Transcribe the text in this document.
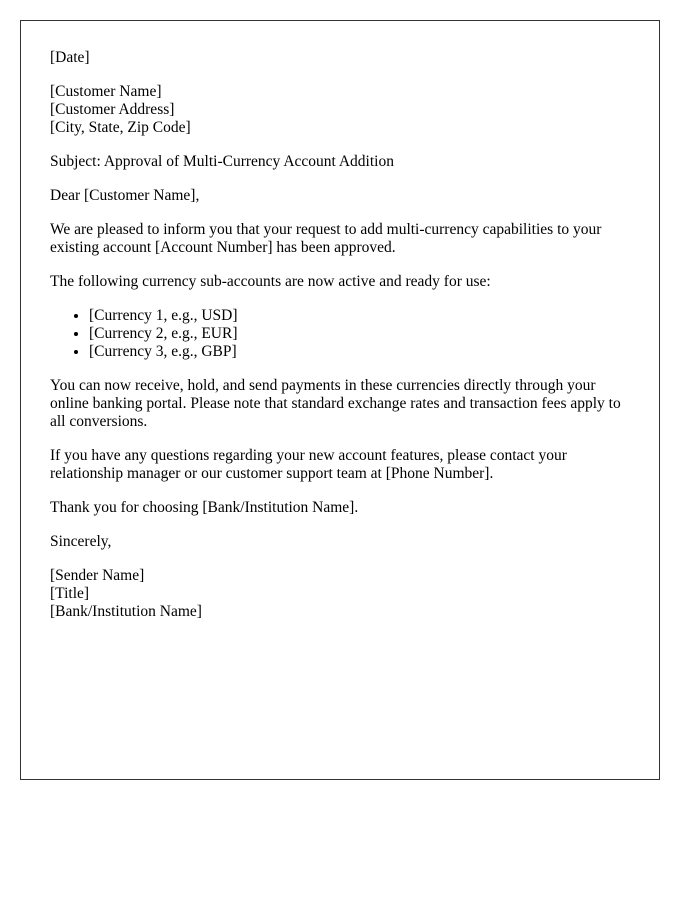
[Date]

[Customer Name]
[Customer Address]
[City, State, Zip Code]

Subject: Approval of Multi-Currency Account Addition

Dear [Customer Name],

We are pleased to inform you that your request to add multi-currency capabilities to your existing account [Account Number] has been approved.

The following currency sub-accounts are now active and ready for use:

• [Currency 1, e.g., USD]
• [Currency 2, e.g., EUR]
• [Currency 3, e.g., GBP]

You can now receive, hold, and send payments in these currencies directly through your online banking portal. Please note that standard exchange rates and transaction fees apply to all conversions.

If you have any questions regarding your new account features, please contact your relationship manager or our customer support team at [Phone Number].

Thank you for choosing [Bank/Institution Name].

Sincerely,

[Sender Name]
[Title]
[Bank/Institution Name]
